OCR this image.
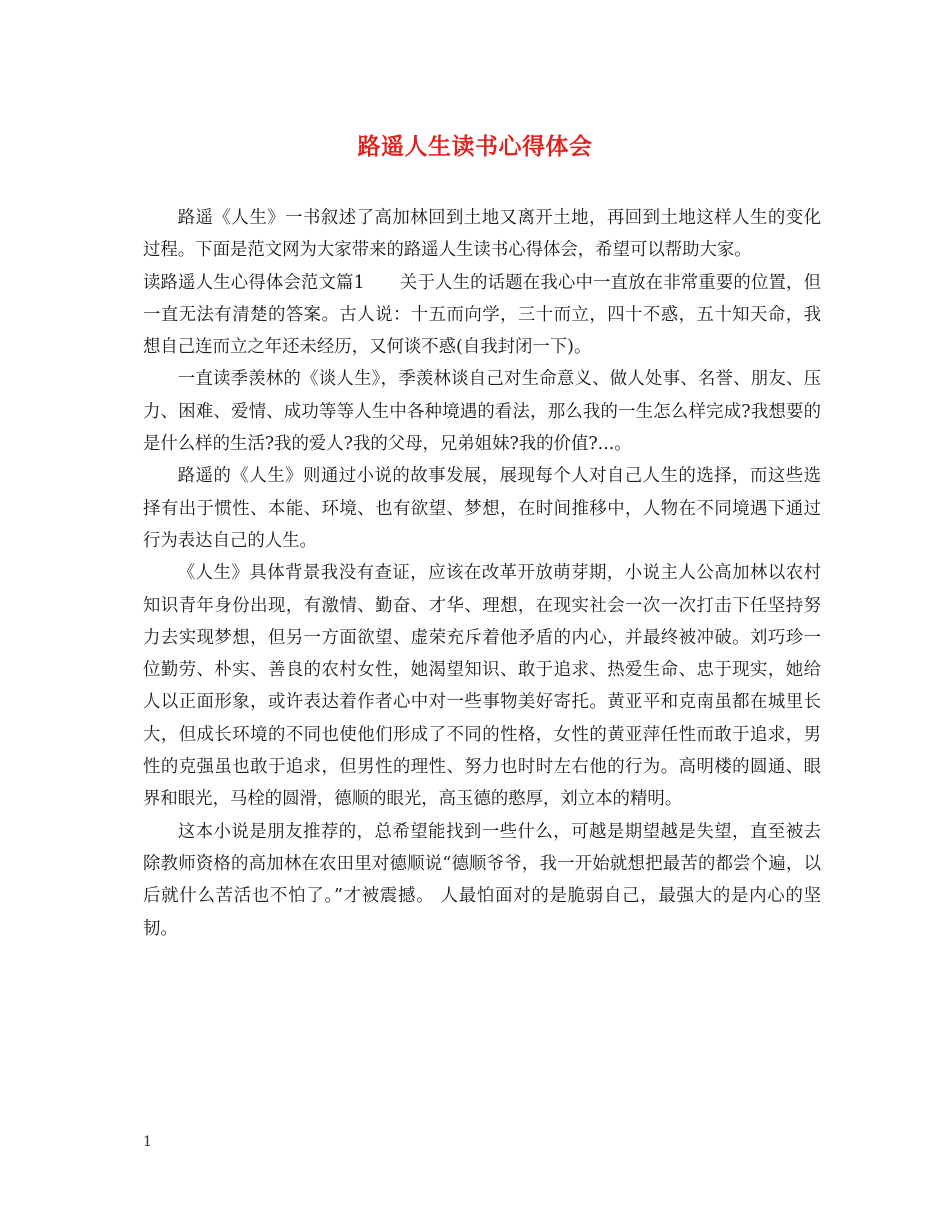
路遥人生读书心得体会

路遥《人生》一书叙述了高加林回到土地又离开土地，再回到土地这样人生的变化过程。下面是范文网为大家带来的路遥人生读书心得体会，希望可以帮助大家。

读路遥人生心得体会范文篇1　　关于人生的话题在我心中一直放在非常重要的位置，但一直无法有清楚的答案。古人说：十五而向学，三十而立，四十不惑，五十知天命，我想自己连而立之年还未经历，又何谈不惑(自我封闭一下)。

一直读季羡林的《谈人生》，季羡林谈自己对生命意义、做人处事、名誉、朋友、压力、困难、爱情、成功等等人生中各种境遇的看法，那么我的一生怎么样完成?我想要的是什么样的生活?我的爱人?我的父母，兄弟姐妹?我的价值?...。

路遥的《人生》则通过小说的故事发展，展现每个人对自己人生的选择，而这些选择有出于惯性、本能、环境、也有欲望、梦想，在时间推移中，人物在不同境遇下通过行为表达自己的人生。

《人生》具体背景我没有查证，应该在改革开放萌芽期，小说主人公高加林以农村知识青年身份出现，有激情、勤奋、才华、理想，在现实社会一次一次打击下任坚持努力去实现梦想，但另一方面欲望、虚荣充斥着他矛盾的内心，并最终被冲破。刘巧珍一位勤劳、朴实、善良的农村女性，她渴望知识、敢于追求、热爱生命、忠于现实，她给人以正面形象，或许表达着作者心中对一些事物美好寄托。黄亚平和克南虽都在城里长大，但成长环境的不同也使他们形成了不同的性格，女性的黄亚萍任性而敢于追求，男性的克强虽也敢于追求，但男性的理性、努力也时时左右他的行为。高明楼的圆通、眼界和眼光，马栓的圆滑，德顺的眼光，高玉德的憨厚，刘立本的精明。

这本小说是朋友推荐的，总希望能找到一些什么，可越是期望越是失望，直至被去除教师资格的高加林在农田里对德顺说“德顺爷爷，我一开始就想把最苦的都尝个遍，以后就什么苦活也不怕了。”才被震撼。 人最怕面对的是脆弱自己，最强大的是内心的坚韧。

1
